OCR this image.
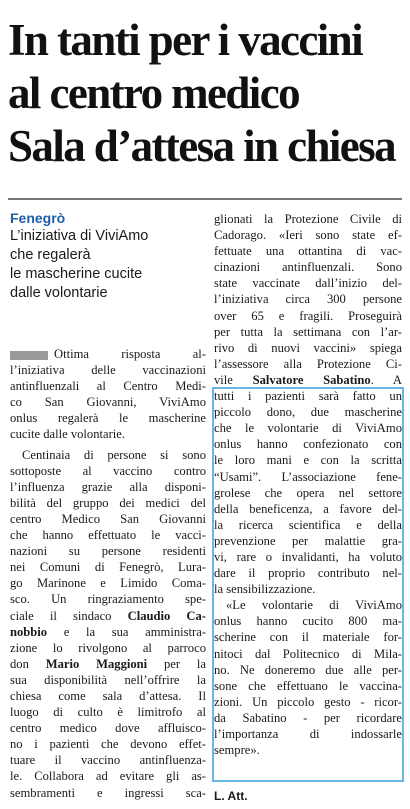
In tanti per i vaccini
al centro medico
Sala d’attesa in chiesa
Fenegrò
L’iniziativa di ViviAmo
che regalerà
le mascherine cucite
dalle volontarie
Ottima risposta al-
l’iniziativa delle vaccinazioni
antinfluenzali al Centro Medi-
co San Giovanni, ViviAmo
onlus regalerà le mascherine
cucite dalle volontarie.
Centinaia di persone si sono
sottoposte al vaccino contro
l’influenza grazie alla disponi-
bilità del gruppo dei medici del
centro Medico San Giovanni
che hanno effettuato le vacci-
nazioni su persone residenti
nei Comuni di Fenegrò, Lura-
go Marinone e Limido Coma-
sco. Un ringraziamento spe-
ciale il sindaco Claudio Ca-
nobbio e la sua amministra-
zione lo rivolgono al parroco
don Mario Maggioni per la
sua disponibilità nell’offrire la
chiesa come sala d’attesa. Il
luogo di culto è limitrofo al
centro medico dove affluisco-
no i pazienti che devono effet-
tuare il vaccino antinfluenza-
le. Collabora ad evitare gli as-
sembramenti e ingressi sca-
glionati la Protezione Civile di
Cadorago. «Ieri sono state ef-
fettuate una ottantina di vac-
cinazioni antinfluenzali. Sono
state vaccinate dall’inizio del-
l’iniziativa circa 300 persone
over 65 e fragili. Proseguirà
per tutta la settimana con l’ar-
rivo di nuovi vaccini» spiega
l’assessore alla Protezione Ci-
vile Salvatore Sabatino. A
tutti i pazienti sarà fatto un
piccolo dono, due mascherine
che le volontarie di ViviAmo
onlus hanno confezionato con
le loro mani e con la scritta
“Usami”. L’associazione fene-
grolese che opera nel settore
della beneficenza, a favore del-
la ricerca scientifica e della
prevenzione per malattie gra-
vi, rare o invalidanti, ha voluto
dare il proprio contributo nel-
la sensibilizzazione.
«Le volontarie di ViviAmo
onlus hanno cucito 800 ma-
scherine con il materiale for-
nitoci dal Politecnico di Mila-
no. Ne doneremo due alle per-
sone che effettuano le vaccina-
zioni. Un piccolo gesto - ricor-
da Sabatino - per ricordare
l’importanza di indossarle
sempre».
L. Att.
